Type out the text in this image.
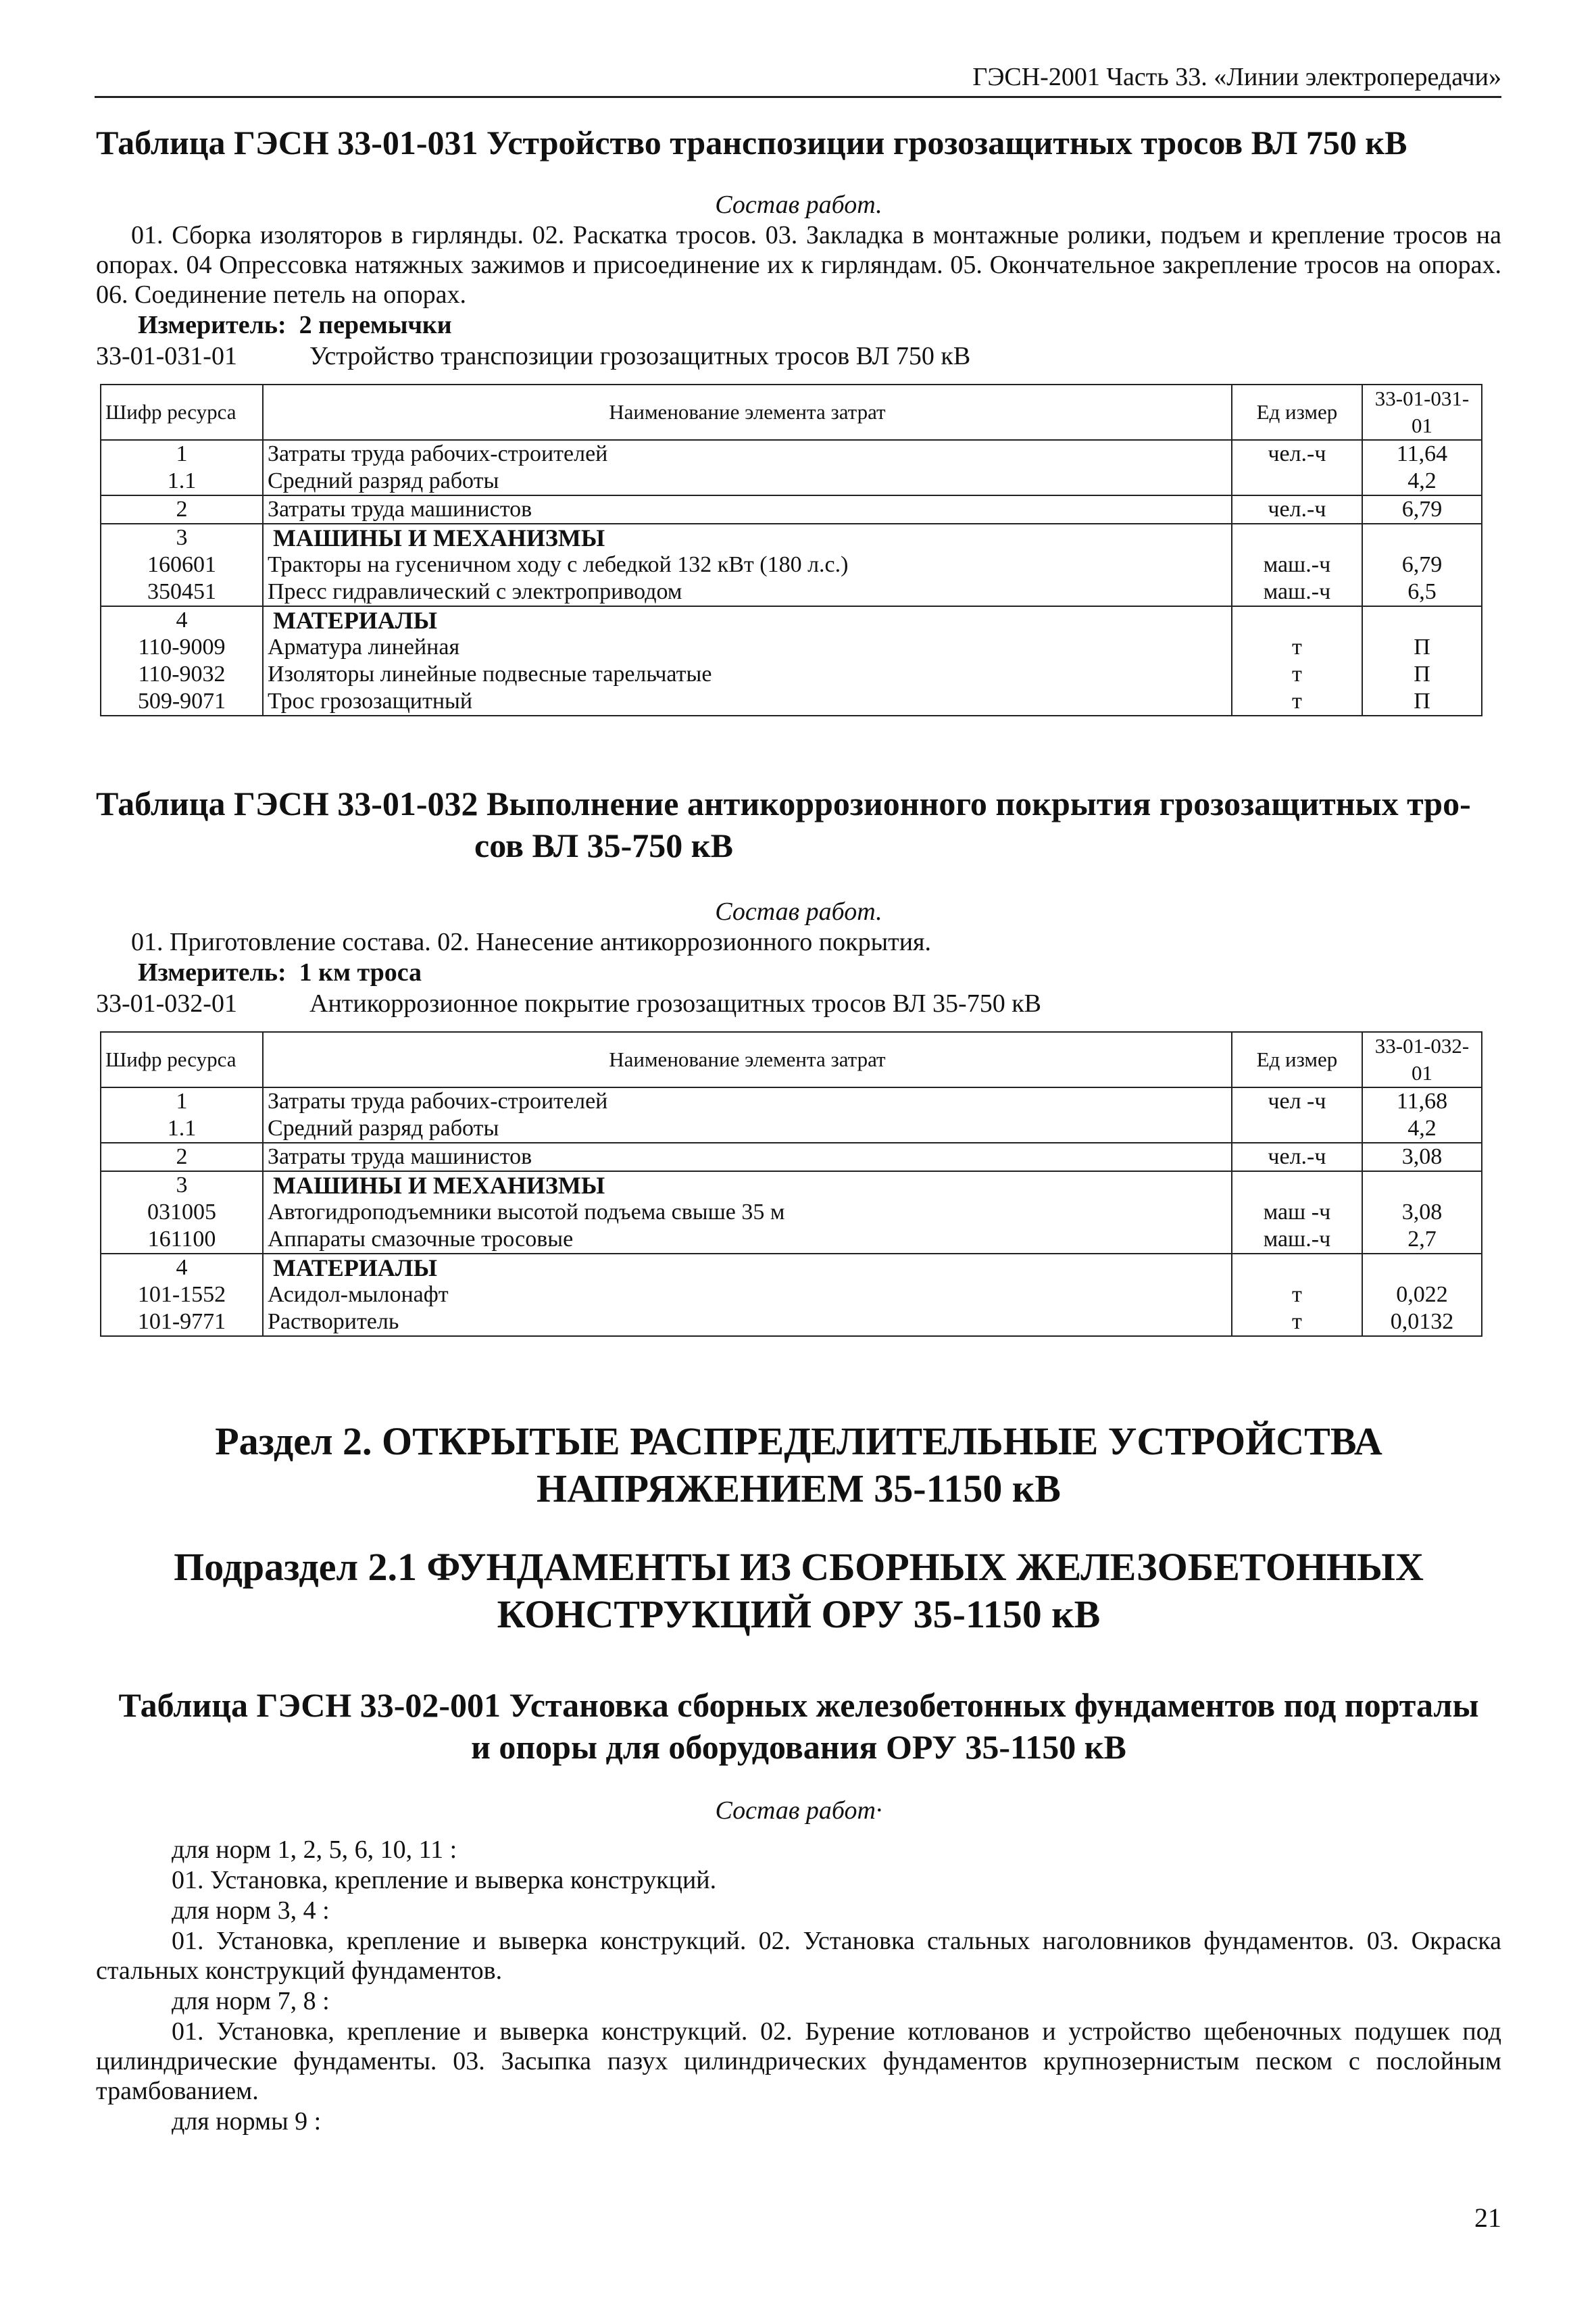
ГЭСН-2001 Часть 33. «Линии электропередачи»

Таблица ГЭСН 33-01-031 Устройство транспозиции грозозащитных тросов ВЛ 750 кВ

Состав работ.

01. Сборка изоляторов в гирлянды. 02. Раскатка тросов. 03. Закладка в монтажные ролики, подъем и крепление тросов на опорах. 04 Опрессовка натяжных зажимов и присоединение их к гирляндам. 05. Окончательное закрепление тросов на опорах. 06. Соединение петель на опорах.

Измеритель: 2 перемычки

33-01-031-01	Устройство транспозиции грозозащитных тросов ВЛ 750 кВ
Шифр ресурса	Наименование элемента затрат	Ед измер	33-01-031-01
1	Затраты труда рабочих-строителей	чел.-ч	11,64
1.1	Средний разряд работы		4,2
2	Затраты труда машинистов	чел.-ч	6,79
3	МАШИНЫ И МЕХАНИЗМЫ		
160601	Тракторы на гусеничном ходу с лебедкой 132 кВт (180 л.с.)	маш.-ч	6,79
350451	Пресс гидравлический с электроприводом	маш.-ч	6,5
4	МАТЕРИАЛЫ		
110-9009	Арматура линейная	т	П
110-9032	Изоляторы линейные подвесные тарельчатые	т	П
509-9071	Трос грозозащитный	т	П

Таблица ГЭСН 33-01-032 Выполнение антикоррозионного покрытия грозозащитных тро-

сов ВЛ 35-750 кВ

Состав работ.

01. Приготовление состава. 02. Нанесение антикоррозионного покрытия.

Измеритель: 1 км троса

33-01-032-01	Антикоррозионное покрытие грозозащитных тросов ВЛ 35-750 кВ
Шифр ресурса	Наименование элемента затрат	Ед измер	33-01-032-01
1	Затраты труда рабочих-строителей	чел -ч	11,68
1.1	Средний разряд работы		4,2
2	Затраты труда машинистов	чел.-ч	3,08
3	МАШИНЫ И МЕХАНИЗМЫ		
031005	Автогидроподъемники высотой подъема свыше 35 м	маш -ч	3,08
161100	Аппараты смазочные тросовые	маш.-ч	2,7
4	МАТЕРИАЛЫ		
101-1552	Асидол-мылонафт	т	0,022
101-9771	Растворитель	т	0,0132

Раздел 2. ОТКРЫТЫЕ РАСПРЕДЕЛИТЕЛЬНЫЕ УСТРОЙСТВА

НАПРЯЖЕНИЕМ 35-1150 кВ

Подраздел 2.1 ФУНДАМЕНТЫ ИЗ СБОРНЫХ ЖЕЛЕЗОБЕТОННЫХ

КОНСТРУКЦИЙ ОРУ 35-1150 кВ

Таблица ГЭСН 33-02-001 Установка сборных железобетонных фундаментов под порталы

и опоры для оборудования ОРУ 35-1150 кВ

Состав работ·

для норм 1, 2, 5, 6, 10, 11 :

01. Установка, крепление и выверка конструкций.

для норм 3, 4 :

01. Установка, крепление и выверка конструкций. 02. Установка стальных наголовников фундаментов. 03. Окраска стальных конструкций фундаментов.

для норм 7, 8 :

01. Установка, крепление и выверка конструкций. 02. Бурение котлованов и устройство щебеночных подушек под цилиндрические фундаменты. 03. Засыпка пазух цилиндрических фундаментов крупнозернистым песком с послойным трамбованием.

для нормы 9 :

21
